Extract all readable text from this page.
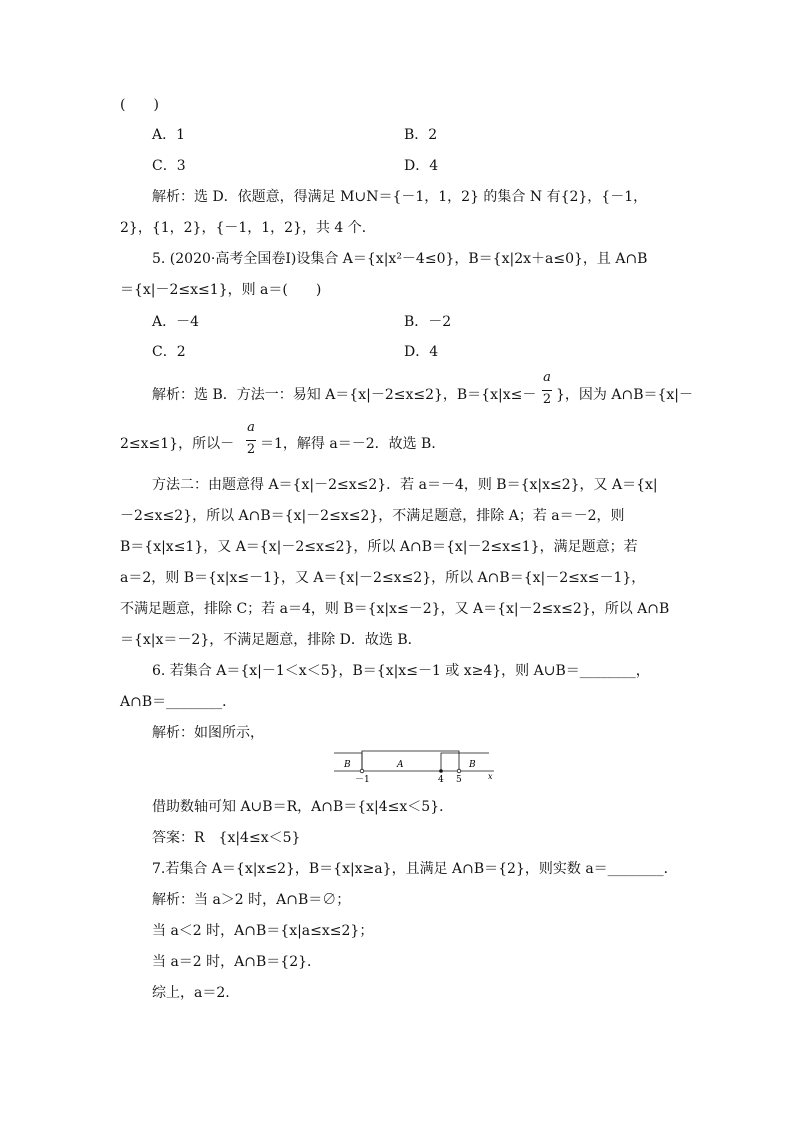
(　　)
A．1	B．2
C．3	D．4
解析：选 D．依题意，得满足 M∪N＝{－1，1，2} 的集合 N 有{2}，{－1，
2}，{1，2}，{－1，1，2}，共 4 个．
5. (2020·高考全国卷Ⅰ)设集合 A＝{x|x²－4≤0}，B＝{x|2x＋a≤0}，且 A∩B
＝{x|－2≤x≤1}，则 a＝(　　)
A．－4	B．－2
C．2	D．4
解析：选 B．方法一：易知 A＝{x|－2≤x≤2}，B＝{x|x≤－
a
2 }，因为 A∩B＝{x|－
2≤x≤1}，所以－
a
2 ＝1，解得 a＝－2．故选 B．
方法二：由题意得 A＝{x|－2≤x≤2}．若 a＝－4，则 B＝{x|x≤2}，又 A＝{x|
－2≤x≤2}，所以 A∩B＝{x|－2≤x≤2}，不满足题意，排除 A；若 a＝－2，则
B＝{x|x≤1}，又 A＝{x|－2≤x≤2}，所以 A∩B＝{x|－2≤x≤1}，满足题意；若
a＝2，则 B＝{x|x≤－1}，又 A＝{x|－2≤x≤2}，所以 A∩B＝{x|－2≤x≤－1}，
不满足题意，排除 C；若 a＝4，则 B＝{x|x≤－2}，又 A＝{x|－2≤x≤2}，所以 A∩B
＝{x|x＝－2}，不满足题意，排除 D．故选 B．
6. 若集合 A＝{x|－1＜x＜5}，B＝{x|x≤－1 或 x≥4}，则 A∪B＝________，
A∩B＝________．
解析：如图所示，
B	A	B
－1	4 5	x
借助数轴可知 A∪B＝R，A∩B＝{x|4≤x＜5}．
答案：R　{x|4≤x＜5}
7.若集合 A＝{x|x≤2}，B＝{x|x≥a}，且满足 A∩B＝{2}，则实数 a＝________．
解析：当 a＞2 时，A∩B＝∅；
当 a＜2 时，A∩B＝{x|a≤x≤2}；
当 a＝2 时，A∩B＝{2}．
综上，a＝2.
